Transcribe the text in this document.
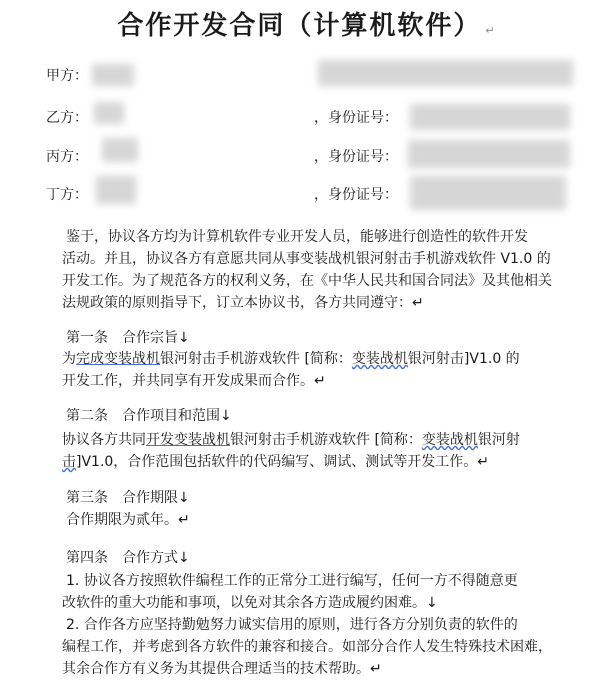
合作开发合同（计算机软件） ↵
甲方：
乙方：	，身份证号：
丙方：	，身份证号：
丁方：	，身份证号：
鉴于，协议各方均为计算机软件专业开发人员，能够进行创造性的软件开发
活动。并且，协议各方有意愿共同从事变装战机银河射击手机游戏软件 V1.0 的
开发工作。为了规范各方的权利义务，在《中华人民共和国合同法》及其他相关
法规政策的原则指导下，订立本协议书，各方共同遵守：↵
第一条　合作宗旨↓
为完成变装战机银河射击手机游戏软件 [简称：变装战机银河射击]V1.0 的
开发工作，并共同享有开发成果而合作。↵
第二条　合作项目和范围↓
协议各方共同开发变装战机银河射击手机游戏软件 [简称：变装战机银河射
击]V1.0，合作范围包括软件的代码编写、调试、测试等开发工作。↵
第三条　合作期限↓
合作期限为贰年。↵
第四条　合作方式↓
1. 协议各方按照软件编程工作的正常分工进行编写，任何一方不得随意更
改软件的重大功能和事项，以免对其余各方造成履约困难。↓
2. 合作各方应坚持勤勉努力诚实信用的原则，进行各方分别负责的软件的
编程工作，并考虑到各方软件的兼容和接合。如部分合作人发生特殊技术困难，
其余合作方有义务为其提供合理适当的技术帮助。↵
